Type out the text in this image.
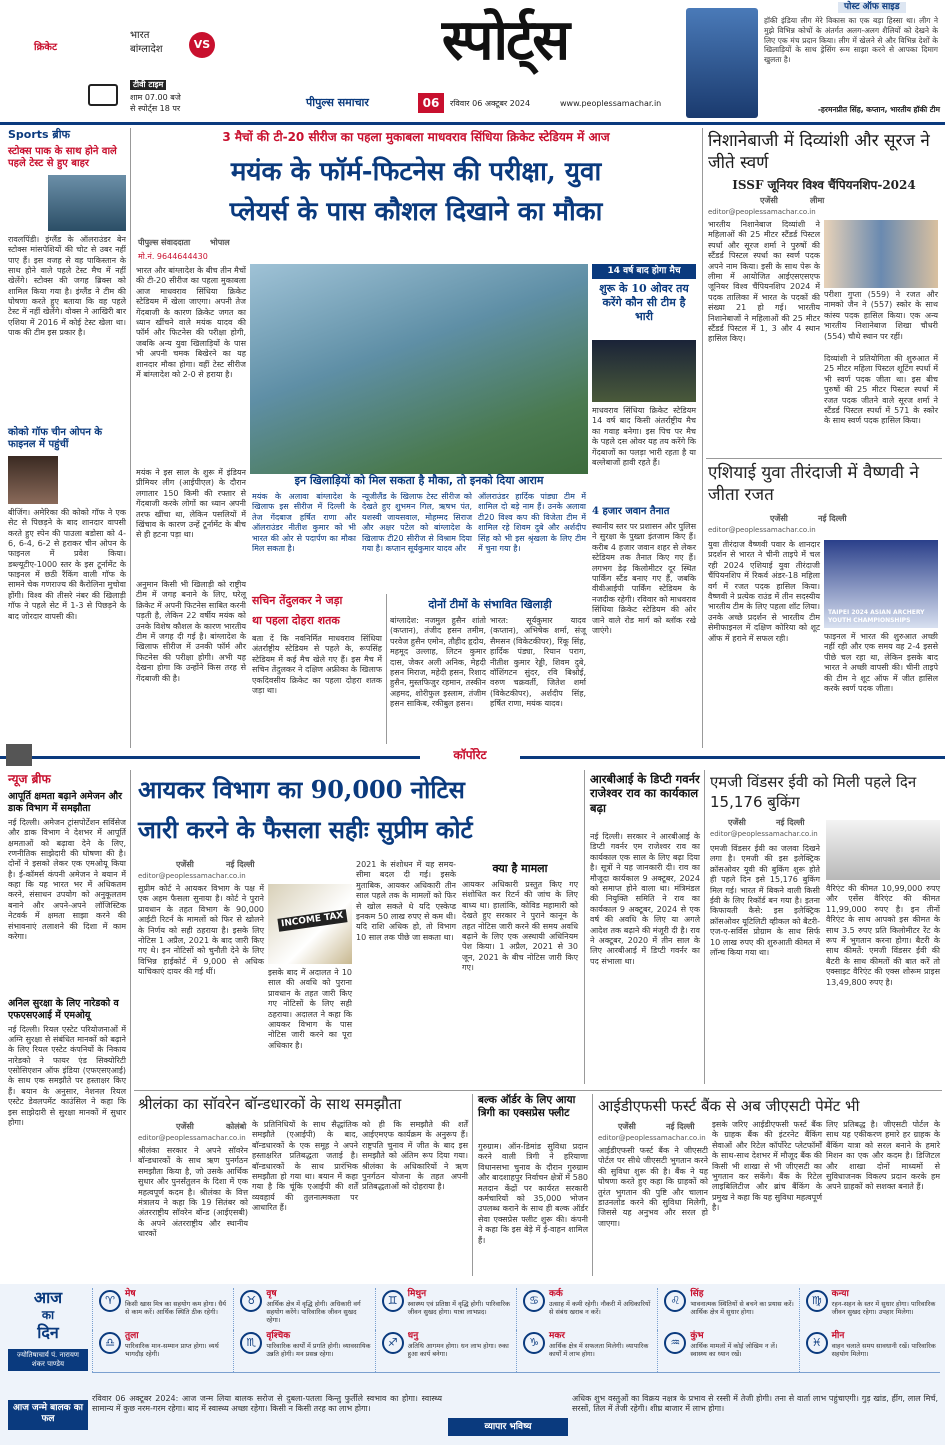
क्रिकेट
भारत
बांग्लादेश	VS
टीवी टाइम
शाम 07.00 बजे
से स्पोर्ट्स 18 पर
स्पोर्ट्स
पीपुल्स समाचार	06	रविवार 06 अक्टूबर 2024	www.peoplessamachar.in
पोस्ट ऑफ साइड
हॉकी इंडिया लीग मेरे विकास का एक बड़ा हिस्सा था। लीग ने मुझे विभिन्न कोचों के अंतर्गत अलग-अलग शैलियों को देखने के लिए एक मंच प्रदान किया। लीग में खेलने से और विभिन्न देशों के खिलाड़ियों के साथ ड्रेसिंग रूम साझा करने से आपका दिमाग खुलता है।
-हरमनप्रीत सिंह, कप्तान, भारतीय हॉकी टीम
Sports ब्रीफ
स्टोक्स पाक के साथ होने वाले पहले टेस्ट से हुए बाहर
रावलपिंडी। इंग्लैंड के ऑलराउंडर बेन स्टोक्स मांसपेशियों की चोट से उबर नहीं पाए हैं। इस वजह से वह पाकिस्तान के साथ होने वाले पहले टेस्ट मैच में नहीं खेलेंगे। स्टोक्स की जगह ब्रिक्स को शामिल किया गया है। इंग्लैंड ने टीम की घोषणा करते हुए बताया कि वह पहले टेस्ट में नहीं खेलेंगे। वोक्स ने आखिरी बार एशिया में 2016 में कोई टेस्ट खेला था। पाक की टीम इस प्रकार है।
कोको गॉफ चीन ओपन के फाइनल में पहुंचीं
बीजिंग। अमेरिका की कोको गॉफ ने एक सेट से पिछड़ने के बाद शानदार वापसी करते हुए स्पेन की पाउला बडोसा को 4-6, 6-4, 6-2 से हराकर चीन ओपन के फाइनल में प्रवेश किया। डब्ल्यूटीए-1000 स्तर के इस टूर्नामेंट के फाइनल में छठी रैंकिंग वाली गॉफ के सामने चेक गणराज्य की कैरोलिना मुचोवा होंगी। विश्व की तीसरे नंबर की खिलाड़ी गॉफ ने पहले सेट में 1-3 से पिछड़ने के बाद जोरदार वापसी की।
3 मैचों की टी-20 सीरीज का पहला मुकाबला माधवराव सिंधिया क्रिकेट स्टेडियम में आज
मयंक के फॉर्म-फिटनेस की परीक्षा, युवा
प्लेयर्स के पास कौशल दिखाने का मौका
पीपुल्स संवाददाता भोपाल
मो.नं. 9644644430
भारत और बांग्लादेश के बीच तीन मैचों की टी-20 सीरीज का पहला मुकाबला आज माधवराव सिंधिया क्रिकेट स्टेडियम में खेला जाएगा। अपनी तेज गेंदबाजी के कारण क्रिकेट जगत का ध्यान खींचने वाले मयंक यादव की फॉर्म और फिटनेस की परीक्षा होगी, जबकि अन्य युवा खिलाड़ियों के पास भी अपनी चमक बिखेरने का यह शानदार मौका होगा। वहीं टेस्ट सीरीज में बांग्लादेश को 2-0 से हराया है।
मयंक ने इस साल के शुरू में इंडियन प्रीमियर लीग (आईपीएल) के दौरान लगातार 150 किमी की रफ्तार से गेंदबाजी करके लोगों का ध्यान अपनी तरफ खींचा था, लेकिन पसलियों में खिंचाव के कारण उन्हें टूर्नामेंट के बीच से ही हटना पड़ा था।
अनुमान किसी भी खिलाड़ी को राष्ट्रीय टीम में जगह बनाने के लिए, घरेलू क्रिकेट में अपनी फिटनेस साबित करनी पड़ती है, लेकिन 22 वर्षीय मयंक को उनके विशेष कौशल के कारण भारतीय टीम में जगह दी गई है। बांग्लादेश के खिलाफ सीरीज में उनकी फॉर्म और फिटनेस की परीक्षा होगी। अभी यह देखना होगा कि उन्होंने किस तरह से गेंदबाजी की है।
इन खिलाड़ियों को मिल सकता है मौका, तो इनको दिया आराम
मयंक के अलावा बांग्लादेश के खिलाफ इस सीरीज में दिल्ली के तेज गेंदबाज हर्षित राणा और ऑलराउंडर नीतीश कुमार को भी भारत की ओर से पदार्पण का मौका मिल सकता है।
न्यूजीलैंड के खिलाफ टेस्ट सीरीज को देखते हुए शुभमन गिल, ऋषभ पंत, यशस्वी जायसवाल, मोहम्मद सिराज और अक्षर पटेल को बांग्लादेश के खिलाफ टी20 सीरीज से विश्राम दिया गया है। कप्तान सूर्यकुमार यादव और
ऑलराउंडर हार्दिक पांड्या टीम में शामिल दो बड़े नाम हैं। उनके अलावा टी20 विश्व कप की विजेता टीम में शामिल रहे शिवम दुबे और अर्शदीप सिंह को भी इस श्रृंखला के लिए टीम में चुना गया है।
14 वर्ष बाद होगा मैच
शुरू के 10 ओवर तय करेंगे कौन सी टीम है भारी
माधवराव सिंधिया क्रिकेट स्टेडियम 14 वर्ष बाद किसी अंतर्राष्ट्रीय मैच का गवाह बनेगा। इस पिच पर मैच के पहले दस ओवर यह तय करेंगे कि गेंदबाजों का पलड़ा भारी रहता है या बल्लेबाजों हावी रहते हैं।
4 हजार जवान तैनात
स्थानीय स्तर पर प्रशासन और पुलिस ने सुरक्षा के पुख्ता इंतजाम किए हैं। करीब 4 हजार जवान शहर से लेकर स्टेडियम तक तैनात किए गए हैं। लगभग डेढ़ किलोमीटर दूर स्थित पार्किंग स्टैंड बनाए गए हैं, जबकि वीवीआईपी पार्किंग स्टेडियम के नजदीक रहेगी। रविवार को माधवराव सिंधिया क्रिकेट स्टेडियम की ओर जाने वाले रोड मार्ग को ब्लॉक रखे जाएंगे।
सचिन तेंदुलकर ने जड़ा
था पहला दोहरा शतक
बता दें कि नवनिर्मित माधवराव सिंधिया अंतर्राष्ट्रीय स्टेडियम से पहले के, रूपसिंह स्टेडियम में कई मैच खेले गए हैं। इस मैच में सचिन तेंदुलकर ने दक्षिण अफ्रीका के खिलाफ एकदिवसीय क्रिकेट का पहला दोहरा शतक जड़ा था।
दोनों टीमों के संभावित खिलाड़ी
बांग्लादेश: नजमुल हुसैन शांतो (कप्तान), तंजीद हसन तमीम, परवेज हुसैन एमोन, तौहीद हृदोय, महमूद उल्लाह, लिटन कुमार दास, जेकर अली अनिक, मेहदी हसन मिराज, महेदी हसन, रिशाद हुसैन, मुस्तफिजुर रहमान, तस्कीन अहमद, शोरीफुल इस्लाम, तंजीम हसन साकिब, रकीबुल हसन।
भारत: सूर्यकुमार यादव (कप्तान), अभिषेक शर्मा, संजू सैमसन (विकेटकीपर), रिंकू सिंह, हार्दिक पंड्या, रियान पराग, नीतीश कुमार रेड्डी, शिवम दुबे, वॉशिंगटन सुंदर, रवि बिश्नोई, वरुण चक्रवर्ती, जितेश शर्मा (विकेटकीपर), अर्शदीप सिंह, हर्षित राणा, मयंक यादव।
निशानेबाजी में दिव्यांशी और सूरज ने जीते स्वर्ण
ISSF जूनियर विश्व चैंपियनशिप-2024
एजेंसी	लीमा
editor@peoplessamachar.co.in
भारतीय निशानेबाज दिव्यांशी ने महिलाओं की 25 मीटर स्टैंडर्ड पिस्टल स्पर्धा और सूरज शर्मा ने पुरुषों की स्टैंडर्ड पिस्टल स्पर्धा का स्वर्ण पदक अपने नाम किया। इसी के साथ पेरू के लीमा में आयोजित आईएसएसएफ जूनियर विश्व चैंपियनशिप 2024 में पदक तालिका में भारत के पदकों की संख्या 21 हो गई। भारतीय निशानेबाजों ने महिलाओं की 25 मीटर स्टैंडर्ड पिस्टल में 1, 3 और 4 स्थान हासिल किए।
परीशा गुप्ता (559) ने रजत और नामको जैन ने (557) स्कोर के साथ कांस्य पदक हासिल किया। एक अन्य भारतीय निशानेबाज शिखा चौधरी (554) चौथे स्थान पर रहीं।
दिव्यांशी ने प्रतियोगिता की शुरुआत में 25 मीटर महिला पिस्टल शूटिंग स्पर्धा में भी स्वर्ण पदक जीता था। इस बीच पुरुषों की 25 मीटर पिस्टल स्पर्धा में रजत पदक जीतने वाले सूरज शर्मा ने स्टैंडर्ड पिस्टल स्पर्धा में 571 के स्कोर के साथ स्वर्ण पदक हासिल किया।
एशियाई युवा तीरंदाजी में वैष्णवी ने जीता रजत
एजेंसी	नई दिल्ली
editor@peoplessamachar.co.in
युवा तीरंदाज वैष्णवी पवार के शानदार प्रदर्शन से भारत ने चीनी ताइपे में चल रही 2024 एशियाई युवा तीरंदाजी चैंपियनशिप में रिकर्व अंडर-18 महिला वर्ग में रजत पदक हासिल किया। वैष्णवी ने प्रत्येक राउंड में तीन सदस्यीय भारतीय टीम के लिए पहला शॉट लिया। उनके अच्छे प्रदर्शन से भारतीय टीम सेमीफाइनल में दक्षिण कोरिया को शूट ऑफ में हराने में सफल रही।
TAIPEI 2024 ASIAN ARCHERY YOUTH CHAMPIONSHIPS
फाइनल में भारत की शुरुआत अच्छी नहीं रही और एक समय वह 2-4 इससे पीछे चल रहा था, लेकिन इसके बाद भारत ने अच्छी वापसी की। चीनी ताइपे की टीम ने शूट ऑफ में जीत हासिल करके स्वर्ण पदक जीता।
कॉर्पोरेट
न्यूज ब्रीफ
आपूर्ति क्षमता बढ़ाने अमेजन और डाक विभाग में समझौता
नई दिल्ली। अमेजन ट्रांसपोर्टेशन सर्विसेज और डाक विभाग ने देशभर में आपूर्ति क्षमताओं को बढ़ावा देने के लिए, रणनीतिक साझेदारी की घोषणा की है। दोनों ने इसको लेकर एक एमओयू किया है। ई-कॉमर्स कंपनी अमेजन ने बयान में कहा कि यह भारत भर में अधिकतम करने, संसाधन उपयोग को अनुकूलतम बनाने और अपने-अपने लॉजिस्टिक नेटवर्क में क्षमता साझा करने की संभावनाएं तलाशने की दिशा में काम करेगा।
अनिल सुरक्षा के लिए नारेडको व एफएसएआई में एमओयू
नई दिल्ली। रियल एस्टेट परियोजनाओं में अग्नि सुरक्षा से संबंधित मानकों को बढ़ाने के लिए रियल एस्टेट कंपनियों के निकाय नारेडको ने फायर एंड सिक्योरिटी एसोसिएशन ऑफ इंडिया (एफएसएआई) के साथ एक समझौते पर हस्ताक्षर किए हैं। बयान के अनुसार, नेशनल रियल एस्टेट डेवलपमेंट काउंसिल ने कहा कि इस साझेदारी से सुरक्षा मानकों में सुधार होगा।
आयकर विभाग का 90,000 नोटिस
जारी करने के फैसला सहीः सुप्रीम कोर्ट
एजेंसी	नई दिल्ली
editor@peoplessamachar.co.in
सुप्रीम कोर्ट ने आयकर विभाग के पक्ष में एक अहम फैसला सुनाया है। कोर्ट ने पुराने प्रावधान के तहत विभाग के 90,000 आईटी रिटर्न के मामलों को फिर से खोलने के निर्णय को सही ठहराया है। इसके लिए नोटिस 1 अप्रैल, 2021 के बाद जारी किए गए थे। इन नोटिसों को चुनौती देने के लिए विभिन्न हाईकोर्ट में 9,000 से अधिक याचिकाएं दायर की गई थीं।
INCOME TAX
इसके बाद में अदालत ने 10 साल की अवधि को पुराना प्रावधान के तहत जारी किए गए नोटिसों के लिए सही ठहराया। अदालत ने कहा कि आयकर विभाग के पास नोटिस जारी करने का पूरा अधिकार है।
2021 के संशोधन में यह समय-सीमा बदल दी गई। इसके मुताबिक, आयकर अधिकारी तीन साल पहले तक के मामलों को फिर से खोल सकते थे यदि एस्केप्ड इनकम 50 लाख रुपए से कम थी। यदि राशि अधिक हो, तो विभाग 10 साल तक पीछे जा सकता था।
क्या है मामला
आयकर अधिकारी प्रस्तुत किए गए संशोधित कर रिटर्न की जांच के लिए बाध्य था। हालांकि, कोविड महामारी को देखते हुए सरकार ने पुराने कानून के तहत नोटिस जारी करने की समय अवधि बढ़ाने के लिए एक अस्थायी अधिनियम पेश किया। 1 अप्रैल, 2021 से 30 जून, 2021 के बीच नोटिस जारी किए गए।
आरबीआई के डिप्टी गवर्नर राजेश्वर राव का कार्यकाल बढ़ा
नई दिल्ली। सरकार ने आरबीआई के डिप्टी गवर्नर एम राजेश्वर राव का कार्यकाल एक साल के लिए बढ़ा दिया है। सूत्रों ने यह जानकारी दी। राव का मौजूदा कार्यकाल 9 अक्टूबर, 2024 को समाप्त होने वाला था। मंत्रिमंडल की नियुक्ति समिति ने राव का कार्यकाल 9 अक्टूबर, 2024 से एक वर्ष की अवधि के लिए या अगले आदेश तक बढ़ाने की मंजूरी दी है। राव ने अक्टूबर, 2020 में तीन साल के लिए आरबीआई में डिप्टी गवर्नर का पद संभाला था।
एमजी विंडसर ईवी को मिली पहले दिन 15,176 बुकिंग
एजेंसी	नई दिल्ली
editor@peoplessamachar.co.in
एमजी विंडसर ईवी का जलवा दिखने लगा है। एमजी की इस इलेक्ट्रिक क्रॉसओवर यूवी की बुकिंग शुरू होते ही पहले दिन इसे 15,176 बुकिंग मिल गई। भारत में बिकने वाली किसी ईवी के लिए रिकॉर्ड बन गया है। इतना किफायती कैसे: इस इलेक्ट्रिक क्रॉसओवर यूटिलिटी व्हीकल को बैटरी-एज-ए-सर्विस प्रोग्राम के साथ सिर्फ 10 लाख रुपए की शुरुआती कीमत में लॉन्च किया गया था।
वैरिएंट की कीमत 10,99,000 रुपए और एसेंस वैरिएंट की कीमत 11,99,000 रुपए है। इन तीनों वैरिएंट के साथ आपको इस कीमत के साथ 3.5 रुपए प्रति किलोमीटर रेंट के रूप में भुगतान करना होगा। बैटरी के साथ कीमतें: एमजी विंडसर ईवी की बैटरी के साथ कीमतों की बात करें तो एक्साइट वैरिएंट की एक्स शोरूम प्राइस 13,49,800 रुपए है।
श्रीलंका का सॉवरेन बॉन्डधारकों के साथ समझौता
एजेंसी	कोलंबो
editor@peoplessamachar.co.in
श्रीलंका सरकार ने अपने सॉवरेन बॉन्डधारकों के साथ ऋण पुनर्गठन समझौता किया है, जो उसके आर्थिक सुधार और पुनर्संतुलन के दिशा में एक महत्वपूर्ण कदम है। श्रीलंका के वित्त मंत्रालय ने कहा कि 19 सितंबर को अंतरराष्ट्रीय सॉवरेन बॉन्ड (आईएसबी) के अपने अंतरराष्ट्रीय और स्थानीय धारकों
के प्रतिनिधियों के साथ सैद्धांतिक समझौते (एआईपी) के बाद, बॉन्डधारकों के एक समूह ने अपने हस्ताक्षरित प्रतिबद्धता जताई है। बॉन्डधारकों के साथ प्रारंभिक समझौता हो गया था। बयान में कहा गया है कि चूंकि एआईपी की शर्तें व्यवहार्य की तुलनात्मकता पर आधारित हैं।
को ही कि समझौते की शर्तें आईएमएफ कार्यक्रम के अनुरूप हैं। राष्ट्रपति चुनाव में जीत के बाद इस समझौते को अंतिम रूप दिया गया। श्रीलंका के अधिकारियों ने ऋण पुनर्गठन योजना के तहत अपनी प्रतिबद्धताओं को दोहराया है।
बल्क ऑर्डर के लिए आया त्रिगी का एक्सप्रेस फ्लीट
गुरुग्राम। ऑन-डिमांड सुविधा प्रदान करने वाली त्रिगी ने हरियाणा विधानसभा चुनाव के दौरान गुरुग्राम और बादशाहपुर निर्वाचन क्षेत्रों में 580 मतदान केंद्रों पर कार्यरत सरकारी कर्मचारियों को 35,000 भोजन उपलब्ध कराने के साथ ही बल्क ऑर्डर सेवा एक्सप्रेस फ्लीट शुरू की। कंपनी ने कहा कि इस बेड़े में ई-वाहन शामिल हैं।
आईडीएफसी फर्स्ट बैंक से अब जीएसटी पेमेंट भी
एजेंसी	नई दिल्ली
editor@peoplessamachar.co.in
आईडीएफसी फर्स्ट बैंक ने जीएसटी पोर्टल पर सीधे जीएसटी भुगतान करने की सुविधा शुरू की है। बैंक ने यह घोषणा करते हुए कहा कि ग्राहकों को तुरंत भुगतान की पुष्टि और चालान डाउनलोड करने की सुविधा मिलेगी, जिससे यह अनुभव और सरल हो जाएगा।
इसके जरिए आईडीएफसी फर्स्ट बैंक के ग्राहक बैंक की इंटरनेट बैंकिंग सेवाओं और रिटेल कॉर्पोरेट प्लेटफॉर्मों के साथ-साथ देशभर में मौजूद बैंक की किसी भी शाखा से भी जीएसटी का भुगतान कर सकेंगे। बैंक के रिटेल लाइबिलिटीज और ब्रांच बैंकिंग के प्रमुख ने कहा कि यह सुविधा महत्वपूर्ण है।
लिए प्रतिबद्ध है। जीएसटी पोर्टल के साथ यह एकीकरण हमारे हर ग्राहक के बैंकिंग यात्रा को सरल बनाने के हमारे मिशन का एक और कदम है। डिजिटल और शाखा दोनों माध्यमों से सुविधाजनक विकल्प प्रदान करके हम अपने ग्राहकों को सशक्त बनाते हैं।
आज
का
दिन
ज्योतिषाचार्य पं. नारायण शंकर पाण्डेय
♈	मेष
किसी खास मित्र का सहयोग कम होगा। धैर्य से काम करें। आर्थिक स्थिति ठीक रहेगी।
♉	वृष
आर्थिक क्षेत्र में वृद्धि होगी। अधिकारी वर्ग सहयोग करेंगे। पारिवारिक जीवन सुखद रहेगा।
♊	मिथुन
स्वास्थ्य एवं प्रतिष्ठा में वृद्धि होगी। पारिवारिक जीवन सुखद होगा। यात्रा लाभप्रद।
♋	कर्क
उत्साह में कमी रहेगी। नौकरी में अधिकारियों से संबंध खराब न करें।
♌	सिंह
भावनात्मक स्थितियों से बचने का प्रयास करें। आर्थिक क्षेत्र में सुधार होगा।
♍	कन्या
रहन-सहन के स्तर में सुधार होगा। पारिवारिक जीवन सुखद रहेगा। उपहार मिलेगा।
♎	तुला
पारिवारिक मान-सम्मान प्राप्त होगा। व्यर्थ भागदौड़ रहेगी।
♏	वृश्चिक
पारिवारिक कार्यों में प्रगति होगी। व्यावसायिक उन्नति होगी। मन प्रसन्न रहेगा।
♐	धनु
अतिथि आगमन होगा। धन लाभ होगा। रुका हुआ कार्य बनेगा।
♑	मकर
आर्थिक क्षेत्र में सफलता मिलेगी। व्यापारिक कार्यों में लाभ होगा।
♒	कुंभ
आर्थिक मामलों में कोई जोखिम न लें। स्वास्थ्य का ध्यान रखें।
♓	मीन
वाहन चलाते समय सावधानी रखें। पारिवारिक सहयोग मिलेगा।
आज जन्मे बालक का फल
रविवार 06 अक्टूबर 2024: आज जन्म लिया बालक सरोज से दुबला-पतला किन्तु फुर्तीले स्वभाव का होगा। स्वास्थ्य सामान्य में कुछ नरम-गरम रहेगा। बाद में स्वास्थ्य अच्छा रहेगा। किसी न किसी तरह का लाभ होगा।
व्यापार भविष्य
अधिक शुभ वस्तुओं का विक्रय नक्षत्र के प्रभाव से रस्सी में तेजी होगी। तना से वार्ता लाभ पहुंचाएगी। गुड़ खांड, हींग, लाल मिर्च, सरसों, तिल में तेजी रहेगी। शीघ्र बाजार में लाभ होगा।
